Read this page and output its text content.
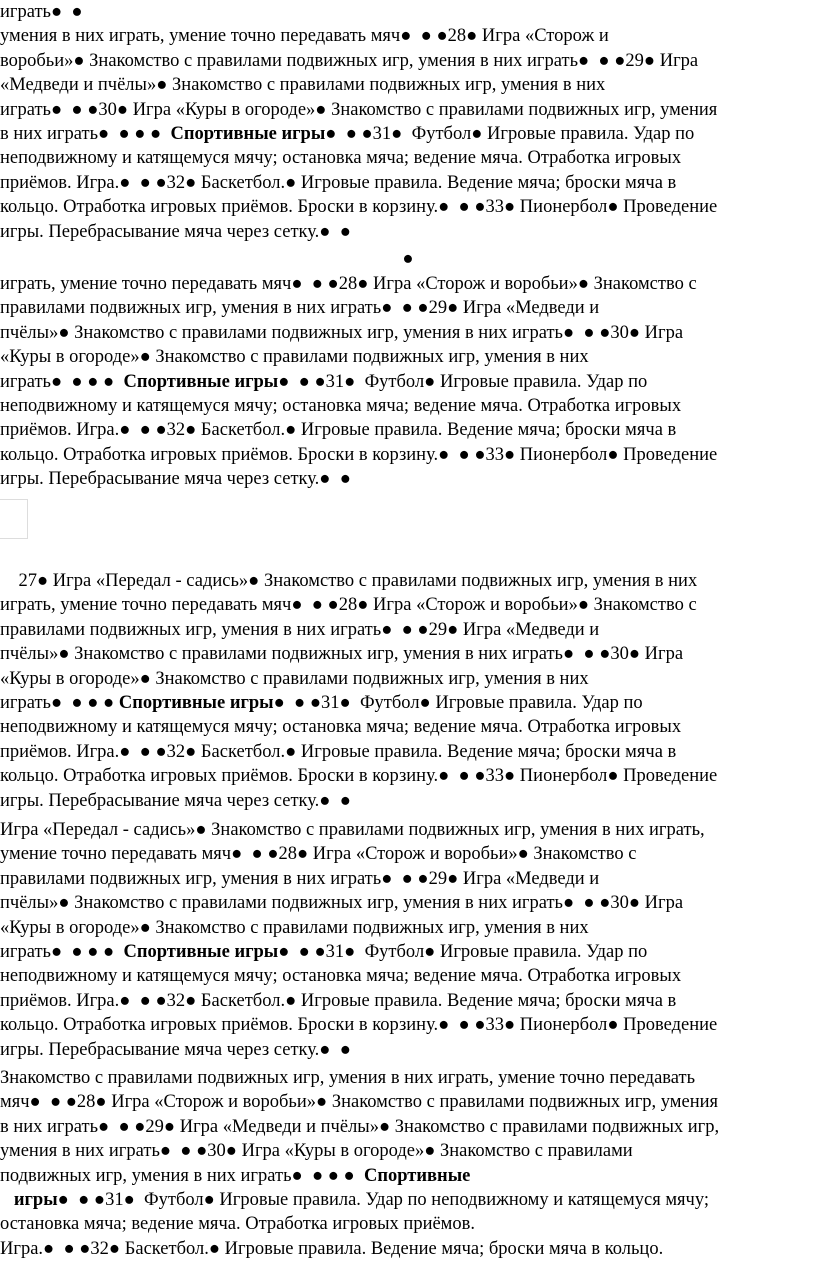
играть●  ●
умения в них играть, умение точно передавать мяч●  ● ●28● Игра «Сторож и
воробьи»● Знакомство с правилами подвижных игр, умения в них играть●  ● ●29● Игра
«Медведи и пчёлы»● Знакомство с правилами подвижных игр, умения в них
играть●  ● ●30● Игра «Куры в огороде»● Знакомство с правилами подвижных игр, умения
в них играть●  ● ● ●  Спортивные игры●  ● ●31●  Футбол● Игровые правила. Удар по
неподвижному и катящемуся мячу; остановка мяча; ведение мяча. Отработка игровых
приёмов. Игра.●  ● ●32● Баскетбол.● Игровые правила. Ведение мяча; броски мяча в
кольцо. Отработка игровых приёмов. Броски в корзину.●  ● ●33● Пионербол● Проведение
игры. Перебрасывание мяча через сетку.●  ●
●
играть, умение точно передавать мяч●  ● ●28● Игра «Сторож и воробьи»● Знакомство с
правилами подвижных игр, умения в них играть●  ● ●29● Игра «Медведи и
пчёлы»● Знакомство с правилами подвижных игр, умения в них играть●  ● ●30● Игра
«Куры в огороде»● Знакомство с правилами подвижных игр, умения в них
играть●  ● ● ●  Спортивные игры●  ● ●31●  Футбол● Игровые правила. Удар по
неподвижному и катящемуся мячу; остановка мяча; ведение мяча. Отработка игровых
приёмов. Игра.●  ● ●32● Баскетбол.● Игровые правила. Ведение мяча; броски мяча в
кольцо. Отработка игровых приёмов. Броски в корзину.●  ● ●33● Пионербол● Проведение
игры. Перебрасывание мяча через сетку.●  ●
27● Игра «Передал - садись»● Знакомство с правилами подвижных игр, умения в них
играть, умение точно передавать мяч●  ● ●28● Игра «Сторож и воробьи»● Знакомство с
правилами подвижных игр, умения в них играть●  ● ●29● Игра «Медведи и
пчёлы»● Знакомство с правилами подвижных игр, умения в них играть●  ● ●30● Игра
«Куры в огороде»● Знакомство с правилами подвижных игр, умения в них
играть●  ● ● ● Спортивные игры●  ● ●31●  Футбол● Игровые правила. Удар по
неподвижному и катящемуся мячу; остановка мяча; ведение мяча. Отработка игровых
приёмов. Игра.●  ● ●32● Баскетбол.● Игровые правила. Ведение мяча; броски мяча в
кольцо. Отработка игровых приёмов. Броски в корзину.●  ● ●33● Пионербол● Проведение
игры. Перебрасывание мяча через сетку.●  ●
Игра «Передал - садись»● Знакомство с правилами подвижных игр, умения в них играть,
умение точно передавать мяч●  ● ●28● Игра «Сторож и воробьи»● Знакомство с
правилами подвижных игр, умения в них играть●  ● ●29● Игра «Медведи и
пчёлы»● Знакомство с правилами подвижных игр, умения в них играть●  ● ●30● Игра
«Куры в огороде»● Знакомство с правилами подвижных игр, умения в них
играть●  ● ● ●  Спортивные игры●  ● ●31●  Футбол● Игровые правила. Удар по
неподвижному и катящемуся мячу; остановка мяча; ведение мяча. Отработка игровых
приёмов. Игра.●  ● ●32● Баскетбол.● Игровые правила. Ведение мяча; броски мяча в
кольцо. Отработка игровых приёмов. Броски в корзину.●  ● ●33● Пионербол● Проведение
игры. Перебрасывание мяча через сетку.●  ●
Знакомство с правилами подвижных игр, умения в них играть, умение точно передавать
мяч●  ● ●28● Игра «Сторож и воробьи»● Знакомство с правилами подвижных игр, умения
в них играть●  ● ●29● Игра «Медведи и пчёлы»● Знакомство с правилами подвижных игр,
умения в них играть●  ● ●30● Игра «Куры в огороде»● Знакомство с правилами
подвижных игр, умения в них играть●  ● ● ●  Спортивные
игры●  ● ●31●  Футбол● Игровые правила. Удар по неподвижному и катящемуся мячу;
остановка мяча; ведение мяча. Отработка игровых приёмов.
Игра.●  ● ●32● Баскетбол.● Игровые правила. Ведение мяча; броски мяча в кольцо.
